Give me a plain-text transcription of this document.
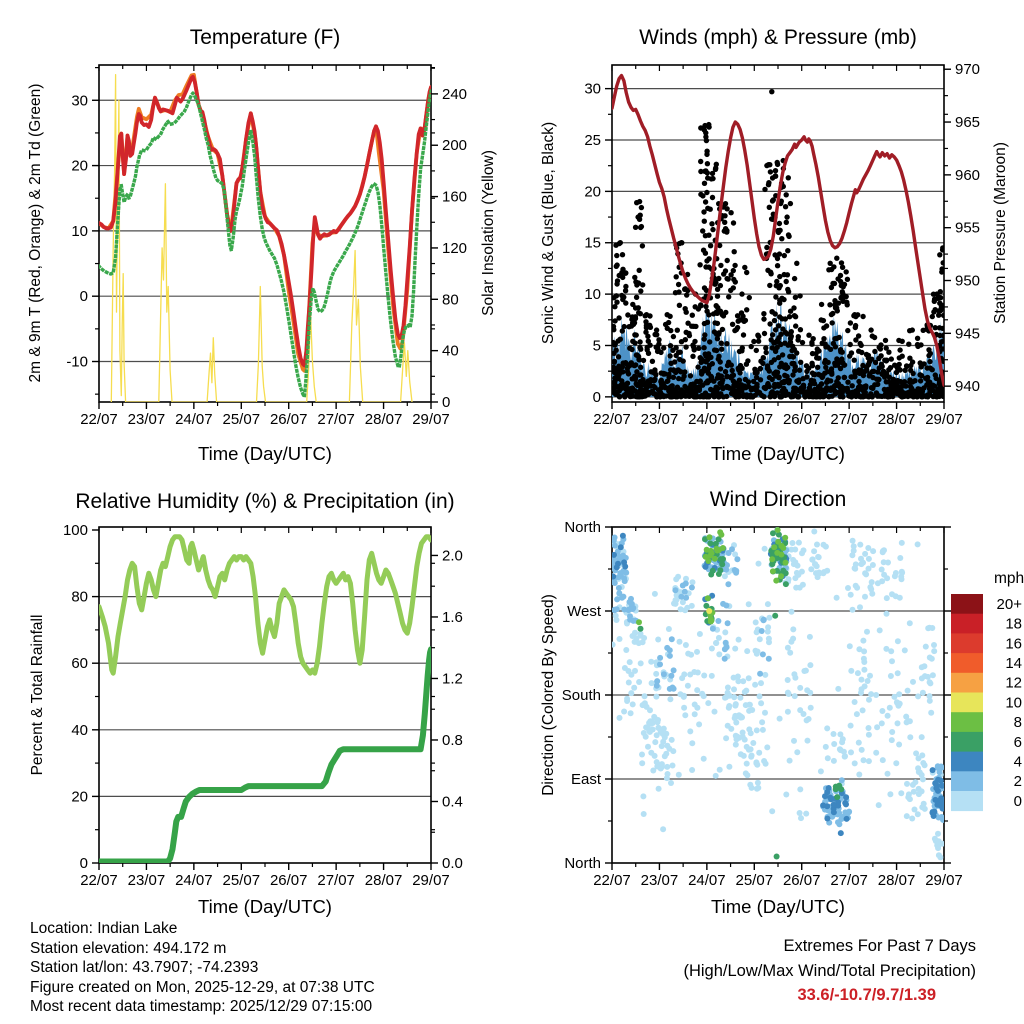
30
20
10
0
-10
240
200
160
120
80
40
0
22/07 23/07 24/07 25/07 26/07 27/07 28/07 29/07
30
25
20
15
10
5
0
970
965
960
955
950
945
940
22/07 23/07 24/07 25/07 26/07 27/07 28/07 29/07
100
80
60
40
20
0
2.0
1.6
1.2
0.8
0.4
0.0
22/07 23/07 24/07 25/07 26/07 27/07 28/07 29/07
North
West
South
East
North
22/07 23/07 24/07 25/07 26/07 27/07 28/07 29/07
20+
18
16
14
12
10
8
6
4
2
0
Temperature (F)	Winds (mph) & Pressure (mb)
Relative Humidity (%) & Precipitation (in)	Wind Direction
2m & 9m T (Red, Orange) & 2m Td (Green)	Solar Insolation (Yellow)	Sonic Wind & Gust (Blue, Black)	Station Pressure (Maroon)
Percent & Total Rainfall	Direction (Colored By Speed)
Time (Day/UTC)	Time (Day/UTC)
Time (Day/UTC)	Time (Day/UTC)
mph
Location: Indian Lake
Station elevation: 494.172 m
Station lat/lon: 43.7907; -74.2393
Figure created on Mon, 2025-12-29, at 07:38 UTC
Most recent data timestamp: 2025/12/29 07:15:00
Extremes For Past 7 Days
(High/Low/Max Wind/Total Precipitation)
33.6/-10.7/9.7/1.39
